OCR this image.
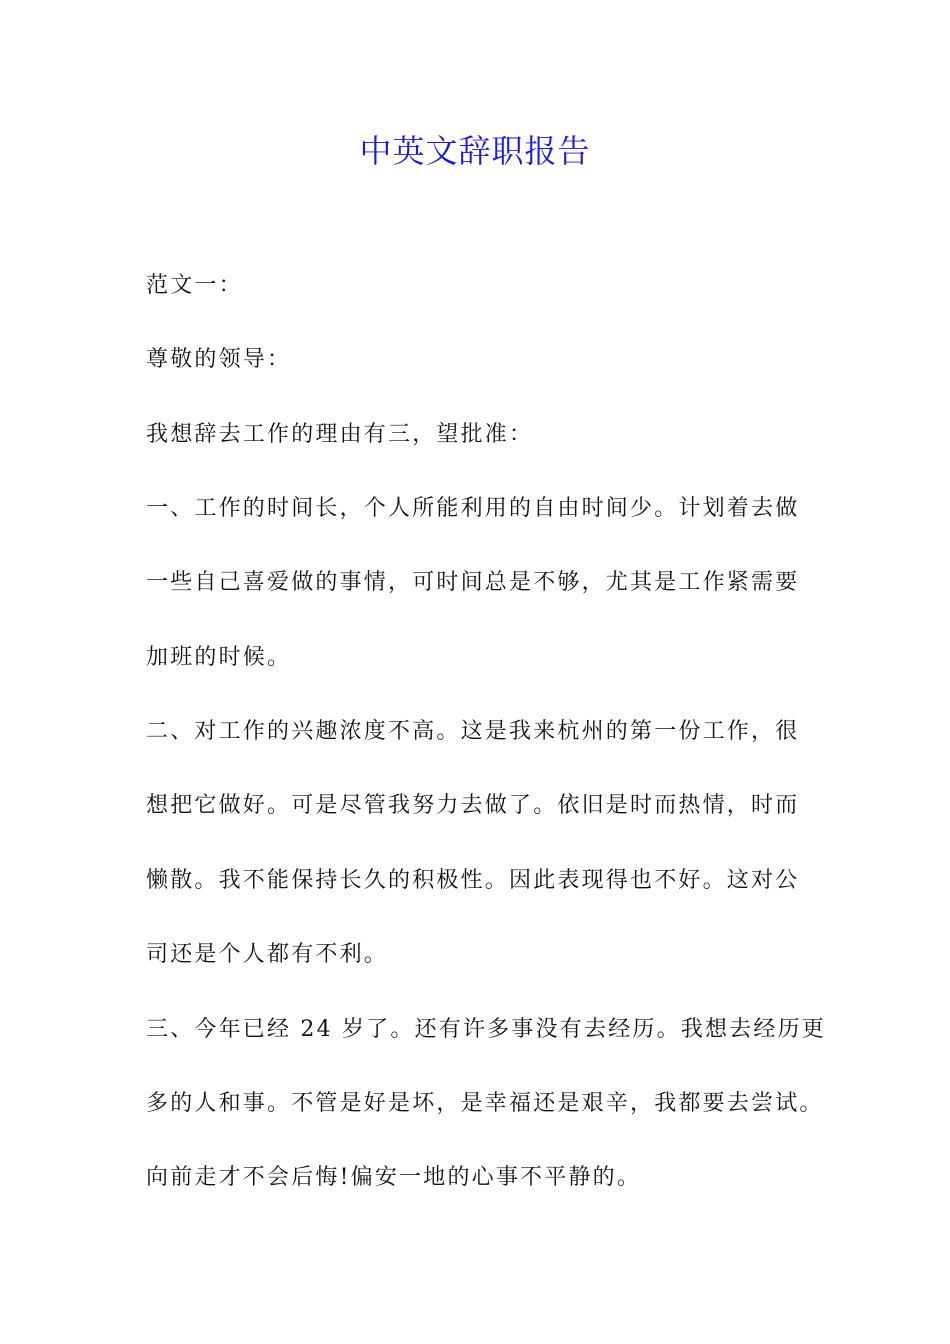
中英文辞职报告

范文一：

尊敬的领导：

我想辞去工作的理由有三，望批准：

一、工作的时间长，个人所能利用的自由时间少。计划着去做

一些自己喜爱做的事情，可时间总是不够，尤其是工作紧需要

加班的时候。

二、对工作的兴趣浓度不高。这是我来杭州的第一份工作，很

想把它做好。可是尽管我努力去做了。依旧是时而热情，时而

懒散。我不能保持长久的积极性。因此表现得也不好。这对公

司还是个人都有不利。

三、今年已经 24 岁了。还有许多事没有去经历。我想去经历更

多的人和事。不管是好是坏，是幸福还是艰辛，我都要去尝试。

向前走才不会后悔!偏安一地的心事不平静的。
